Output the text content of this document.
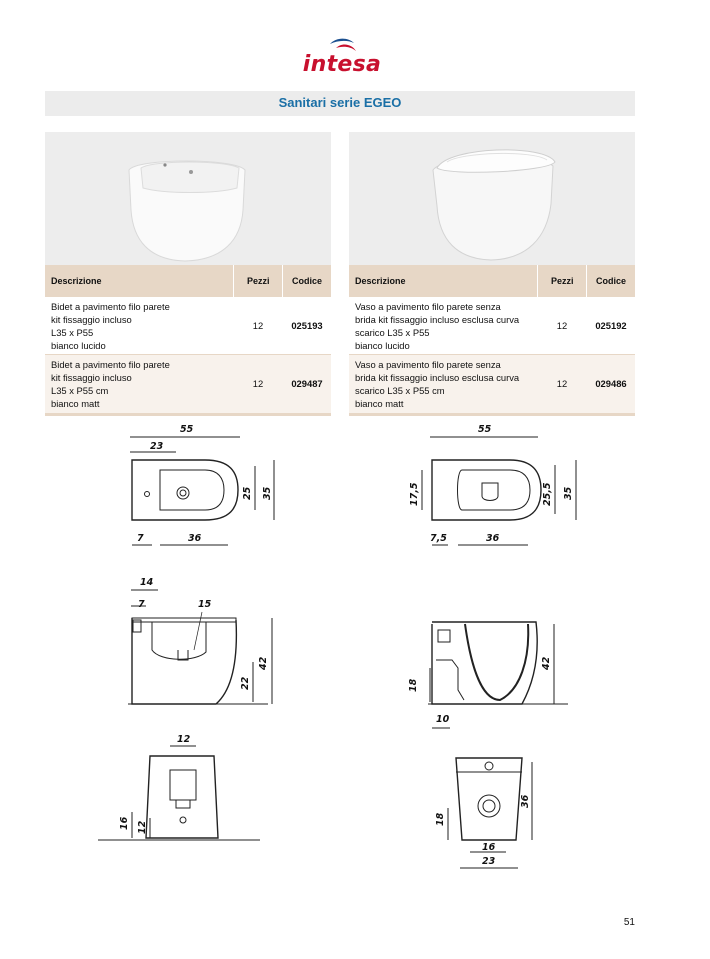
intesa
Sanitari serie EGEO
Descrizione	Pezzi Codice
Bidet a pavimento filo parete
kit fissaggio incluso
L35 x P55
bianco lucido
12	025193
Bidet a pavimento filo parete
kit fissaggio incluso
L35 x P55 cm
bianco matt
12	029487
Descrizione	Pezzi Codice
Vaso a pavimento filo parete senza
brida kit fissaggio incluso esclusa curva
scarico L35 x P55
bianco lucido
12	025192
Vaso a pavimento filo parete senza
brida kit fissaggio incluso esclusa curva
scarico L35 x P55 cm
bianco matt
12	029486
55
23
25 35
7	36
55
17,5	25,5 35
7,5	36
14
7	15
42
22
42
18
10
12
16 12
36
18
16
23
51
